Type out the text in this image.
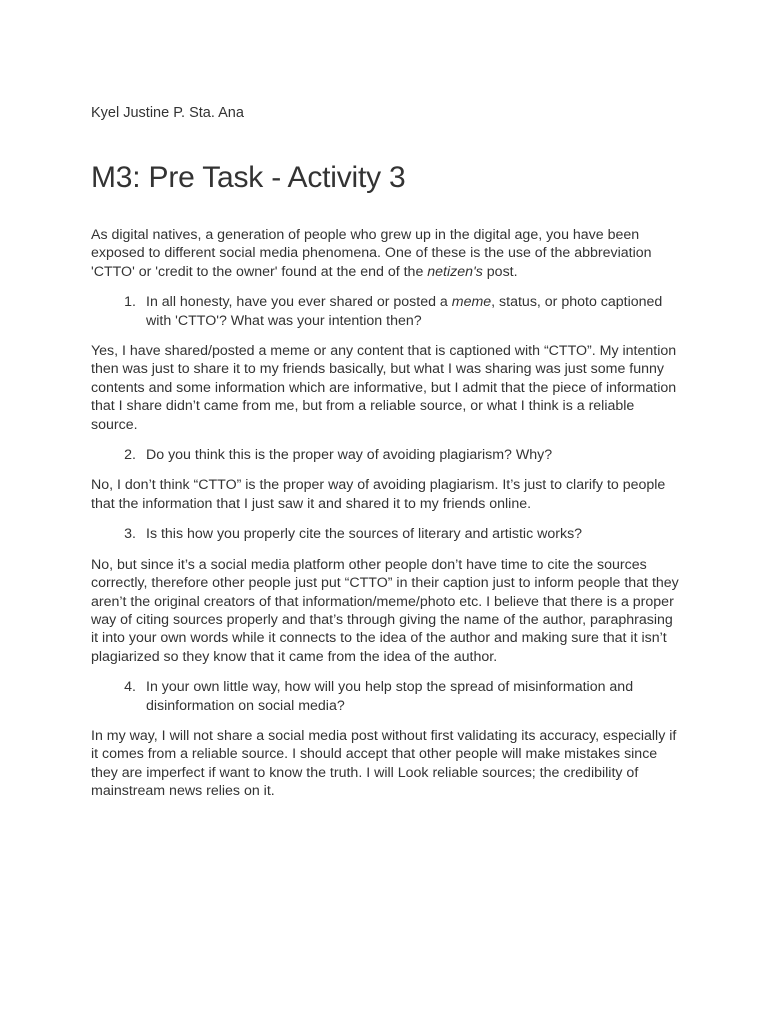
Kyel Justine P. Sta. Ana
M3: Pre Task - Activity 3

As digital natives, a generation of people who grew up in the digital age, you have been exposed to different social media phenomena. One of these is the use of the abbreviation 'CTTO' or 'credit to the owner' found at the end of the netizen's post.

1. In all honesty, have you ever shared or posted a meme, status, or photo captioned with 'CTTO'? What was your intention then?

Yes, I have shared/posted a meme or any content that is captioned with “CTTO”. My intention then was just to share it to my friends basically, but what I was sharing was just some funny contents and some information which are informative, but I admit that the piece of information that I share didn’t came from me, but from a reliable source, or what I think is a reliable source.

2. Do you think this is the proper way of avoiding plagiarism? Why?

No, I don’t think “CTTO” is the proper way of avoiding plagiarism. It’s just to clarify to people that the information that I just saw it and shared it to my friends online.

3. Is this how you properly cite the sources of literary and artistic works?

No, but since it’s a social media platform other people don’t have time to cite the sources correctly, therefore other people just put “CTTO” in their caption just to inform people that they aren’t the original creators of that information/meme/photo etc. I believe that there is a proper way of citing sources properly and that’s through giving the name of the author, paraphrasing it into your own words while it connects to the idea of the author and making sure that it isn’t plagiarized so they know that it came from the idea of the author.

4. In your own little way, how will you help stop the spread of misinformation and disinformation on social media?

In my way, I will not share a social media post without first validating its accuracy, especially if it comes from a reliable source. I should accept that other people will make mistakes since they are imperfect if want to know the truth. I will Look reliable sources; the credibility of mainstream news relies on it.
